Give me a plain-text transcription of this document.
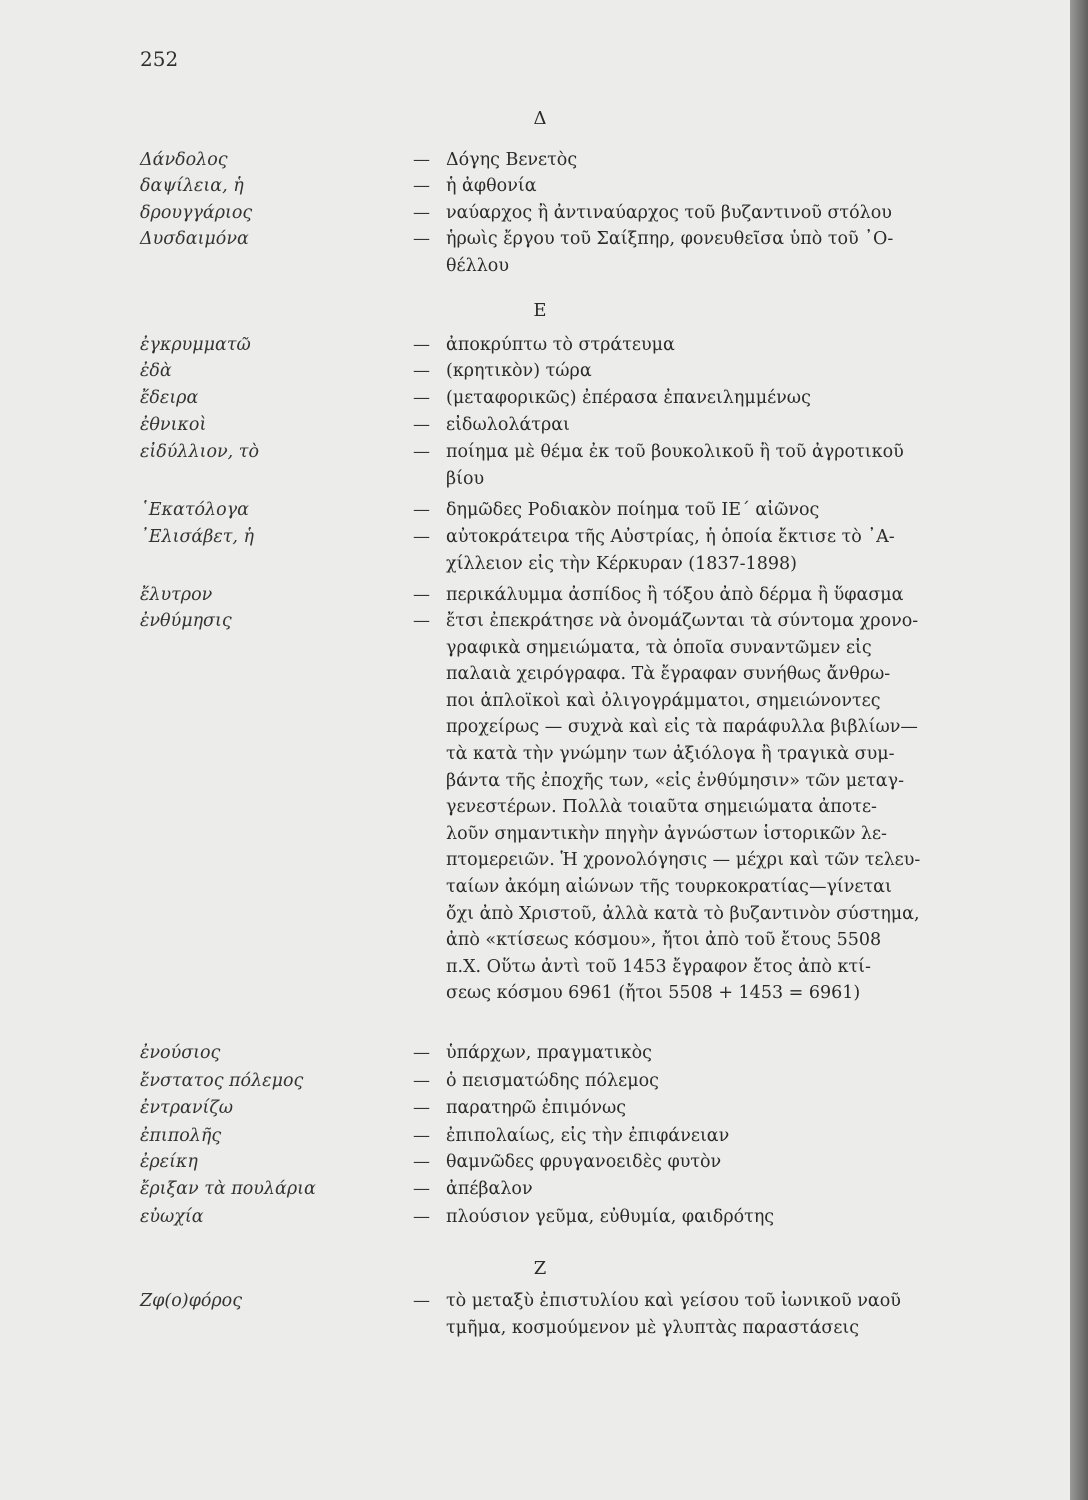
252
Δ
Δάνδολος	— Δόγης Βενετὸς
δαψίλεια, ἡ	— ἡ ἀφθονία
δρουγγάριος	— ναύαρχος ἢ ἀντιναύαρχος τοῦ βυζαντινοῦ στόλου
Δυσδαιμόνα	— ἡρωὶς ἔργου τοῦ Σαίξπηρ, φονευθεῖσα ὑπὸ τοῦ ᾿Ο-
θέλλου
Ε
ἐγκρυμματῶ	— ἀποκρύπτω τὸ στράτευμα
ἐδὰ	— (κρητικὸν) τώρα
ἔδειρα	— (μεταφορικῶς) ἐπέρασα ἐπανειλημμένως
ἐθνικοὶ	— εἰδωλολάτραι
εἰδύλλιον, τὸ	— ποίημα μὲ θέμα ἐκ τοῦ βουκολικοῦ ἢ τοῦ ἀγροτικοῦ
βίου
῾Εκατόλογα	— δημῶδες Ροδιακὸν ποίημα τοῦ ΙΕ΄ αἰῶνος
᾿Ελισάβετ, ἡ	— αὐτοκράτειρα τῆς Αὐστρίας, ἡ ὁποία ἔκτισε τὸ ᾿Α-
χίλλειον εἰς τὴν Κέρκυραν (1837-1898)
ἔλυτρον	— περικάλυμμα ἀσπίδος ἢ τόξου ἀπὸ δέρμα ἢ ὕφασμα
ἐνθύμησις	— ἔτσι ἐπεκράτησε νὰ ὀνομάζωνται τὰ σύντομα χρονο-
γραφικὰ σημειώματα, τὰ ὁποῖα συναντῶμεν εἰς
παλαιὰ χειρόγραφα. Τὰ ἔγραφαν συνήθως ἄνθρω-
ποι ἁπλοϊκοὶ καὶ ὀλιγογράμματοι, σημειώνοντες
προχείρως — συχνὰ καὶ εἰς τὰ παράφυλλα βιβλίων—
τὰ κατὰ τὴν γνώμην των ἀξιόλογα ἢ τραγικὰ συμ-
βάντα τῆς ἐποχῆς των, «εἰς ἐνθύμησιν» τῶν μεταγ-
γενεστέρων. Πολλὰ τοιαῦτα σημειώματα ἀποτε-
λοῦν σημαντικὴν πηγὴν ἀγνώστων ἱστορικῶν λε-
πτομερειῶν. Ἡ χρονολόγησις — μέχρι καὶ τῶν τελευ-
ταίων ἀκόμη αἰώνων τῆς τουρκοκρατίας—γίνεται
ὄχι ἀπὸ Χριστοῦ, ἀλλὰ κατὰ τὸ βυζαντινὸν σύστημα,
ἀπὸ «κτίσεως κόσμου», ἤτοι ἀπὸ τοῦ ἔτους 5508
π.Χ. Οὕτω ἀντὶ τοῦ 1453 ἔγραφον ἔτος ἀπὸ κτί-
σεως κόσμου 6961 (ἤτοι 5508 + 1453 = 6961)
ἐνούσιος	— ὑπάρχων, πραγματικὸς
ἔνστατος πόλεμος	— ὁ πεισματώδης πόλεμος
ἐντρανίζω	— παρατηρῶ ἐπιμόνως
ἐπιπολῆς	— ἐπιπολαίως, εἰς τὴν ἐπιφάνειαν
ἐρείκη	— θαμνῶδες φρυγανοειδὲς φυτὸν
ἔριξαν τὰ πουλάρια	— ἀπέβαλον
εὐωχία	— πλούσιον γεῦμα, εὐθυμία, φαιδρότης
Ζ
Ζφ(ο)φόρος	— τὸ μεταξὺ ἐπιστυλίου καὶ γείσου τοῦ ἰωνικοῦ ναοῦ
τμῆμα, κοσμούμενον μὲ γλυπτὰς παραστάσεις
